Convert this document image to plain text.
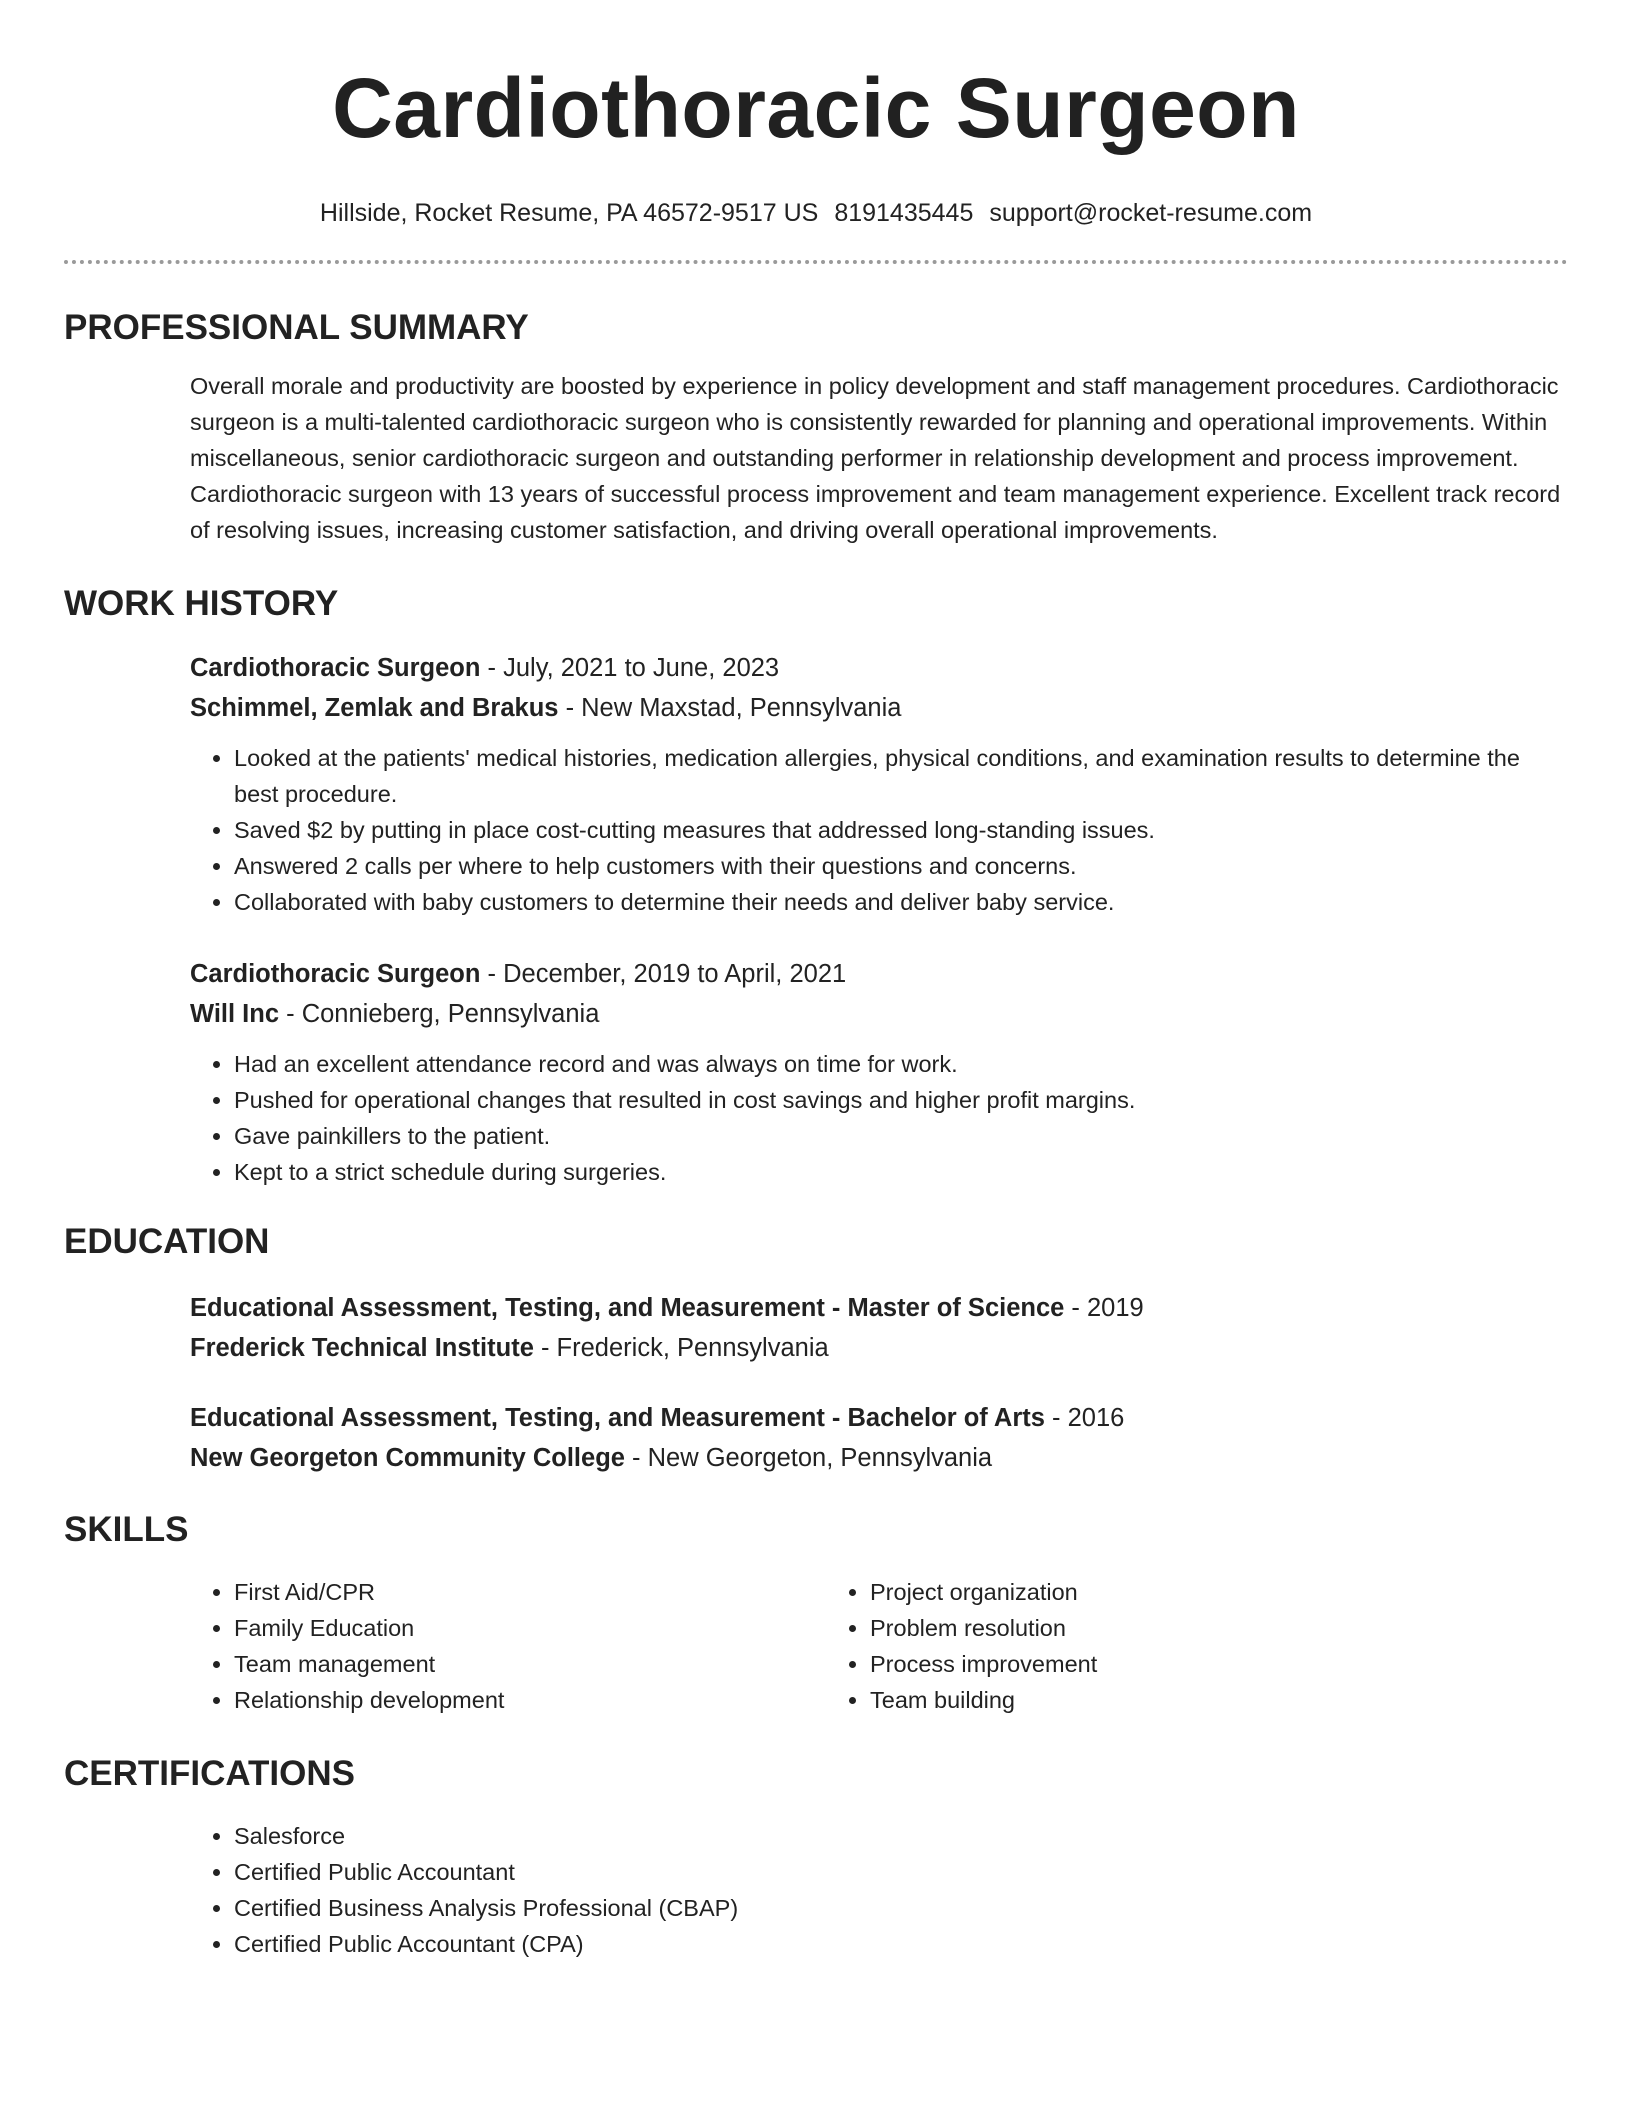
Cardiothoracic Surgeon
Hillside, Rocket Resume, PA 46572-9517 US 8191435445 support@rocket-resume.com
PROFESSIONAL SUMMARY

Overall morale and productivity are boosted by experience in policy development and staff management procedures. Cardiothoracic surgeon is a multi-talented cardiothoracic surgeon who is consistently rewarded for planning and operational improvements. Within miscellaneous, senior cardiothoracic surgeon and outstanding performer in relationship development and process improvement. Cardiothoracic surgeon with 13 years of successful process improvement and team management experience. Excellent track record of resolving issues, increasing customer satisfaction, and driving overall operational improvements.

WORK HISTORY
Cardiothoracic Surgeon - July, 2021 to June, 2023
Schimmel, Zemlak and Brakus - New Maxstad, Pennsylvania
• Looked at the patients' medical histories, medication allergies, physical conditions, and examination results to determine the best procedure.
• Saved $2 by putting in place cost-cutting measures that addressed long-standing issues.
• Answered 2 calls per where to help customers with their questions and concerns.
• Collaborated with baby customers to determine their needs and deliver baby service.
Cardiothoracic Surgeon - December, 2019 to April, 2021
Will Inc - Connieberg, Pennsylvania
• Had an excellent attendance record and was always on time for work.
• Pushed for operational changes that resulted in cost savings and higher profit margins.
• Gave painkillers to the patient.
• Kept to a strict schedule during surgeries.
EDUCATION
Educational Assessment, Testing, and Measurement - Master of Science - 2019
Frederick Technical Institute - Frederick, Pennsylvania
Educational Assessment, Testing, and Measurement - Bachelor of Arts - 2016
New Georgeton Community College - New Georgeton, Pennsylvania
SKILLS
• First Aid/CPR
• Family Education
• Team management
• Relationship development
• Project organization
• Problem resolution
• Process improvement
• Team building
CERTIFICATIONS
• Salesforce
• Certified Public Accountant
• Certified Business Analysis Professional (CBAP)
• Certified Public Accountant (CPA)
